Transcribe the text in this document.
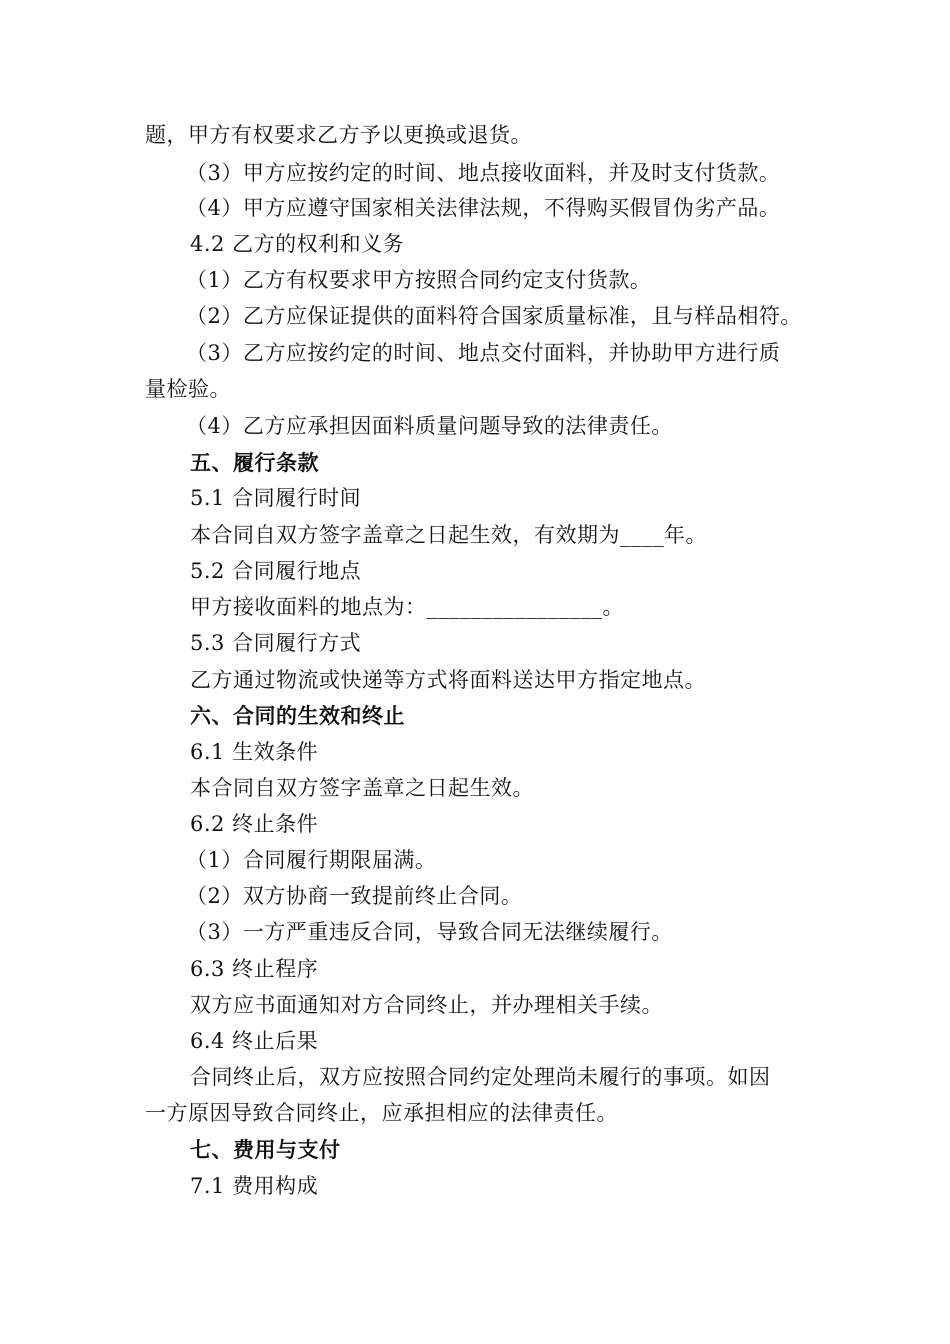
题，甲方有权要求乙方予以更换或退货。
（3）甲方应按约定的时间、地点接收面料，并及时支付货款。
（4）甲方应遵守国家相关法律法规，不得购买假冒伪劣产品。
4.2 乙方的权利和义务
（1）乙方有权要求甲方按照合同约定支付货款。
（2）乙方应保证提供的面料符合国家质量标准，且与样品相符。
（3）乙方应按约定的时间、地点交付面料，并协助甲方进行质
量检验。
（4）乙方应承担因面料质量问题导致的法律责任。
五、履行条款
5.1 合同履行时间
本合同自双方签字盖章之日起生效，有效期为____年。
5.2 合同履行地点
甲方接收面料的地点为：________________。
5.3 合同履行方式
乙方通过物流或快递等方式将面料送达甲方指定地点。
六、合同的生效和终止
6.1 生效条件
本合同自双方签字盖章之日起生效。
6.2 终止条件
（1）合同履行期限届满。
（2）双方协商一致提前终止合同。
（3）一方严重违反合同，导致合同无法继续履行。
6.3 终止程序
双方应书面通知对方合同终止，并办理相关手续。
6.4 终止后果
合同终止后，双方应按照合同约定处理尚未履行的事项。如因
一方原因导致合同终止，应承担相应的法律责任。
七、费用与支付
7.1 费用构成
